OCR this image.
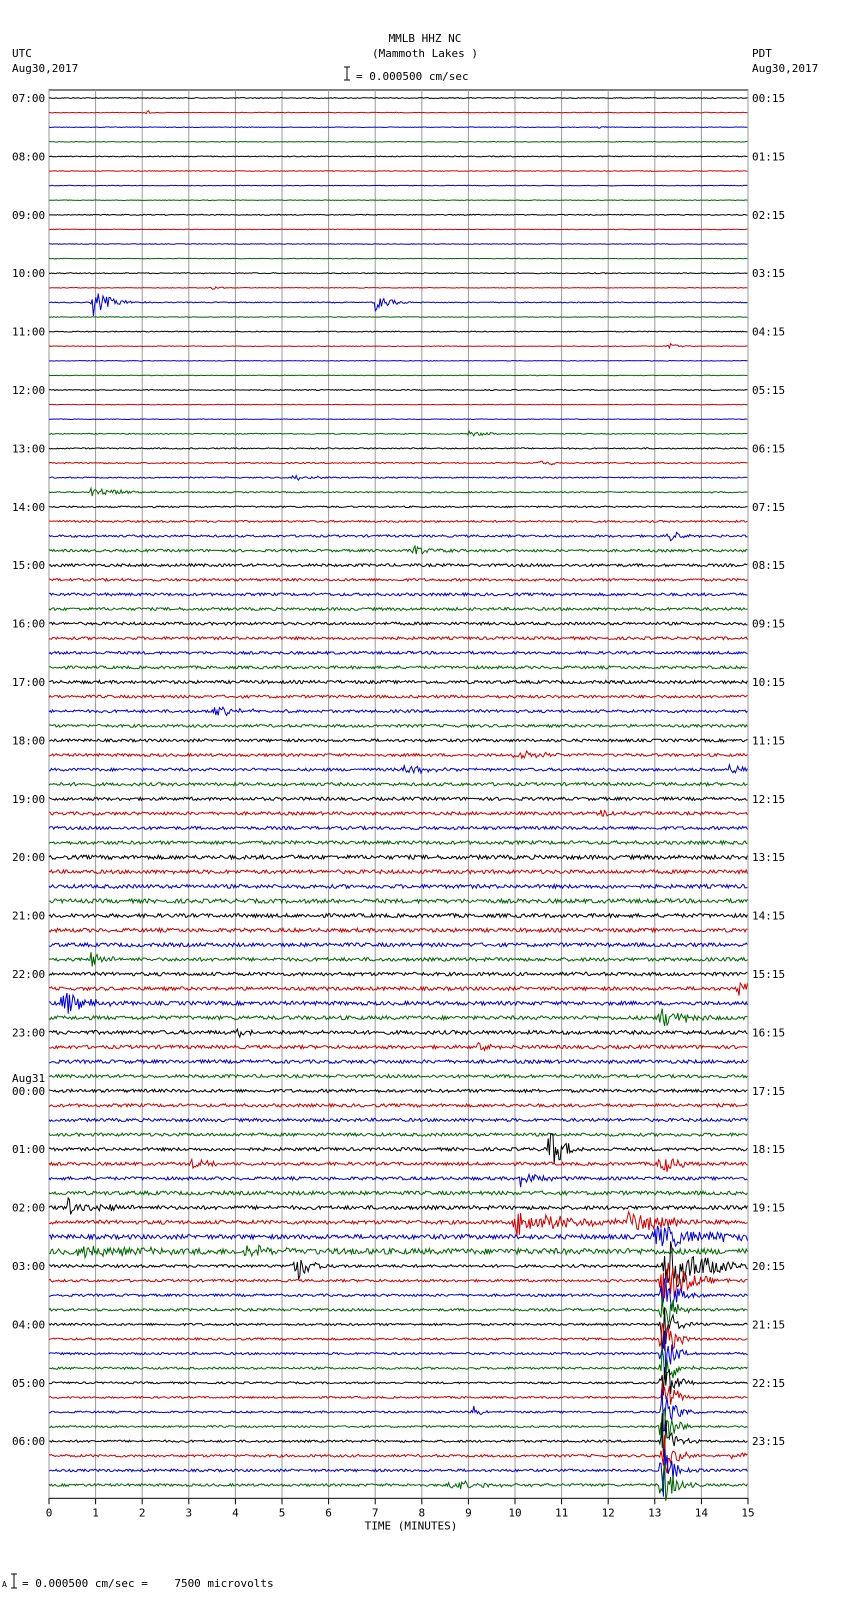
MMLB HHZ NC
(Mammoth Lakes )
UTC
Aug30,2017
PDT
Aug30,2017
= 0.000500 cm/sec
A = 0.000500 cm/sec =    7500 microvolts
07:00
08:00
09:00
10:00
11:00
12:00
13:00
14:00
15:00
16:00
17:00
18:00
19:00
20:00
21:00
22:00
23:00
Aug31
00:00
01:00
02:00
03:00
04:00
05:00
06:00
00:15
01:15
02:15
03:15
04:15
05:15
06:15
07:15
08:15
09:15
10:15
11:15
12:15
13:15
14:15
15:15
16:15
17:15
18:15
19:15
20:15
21:15
22:15
23:15
0	1	2	3	4	5	6	7	8	9	10	11	12	13	14	15
TIME (MINUTES)
